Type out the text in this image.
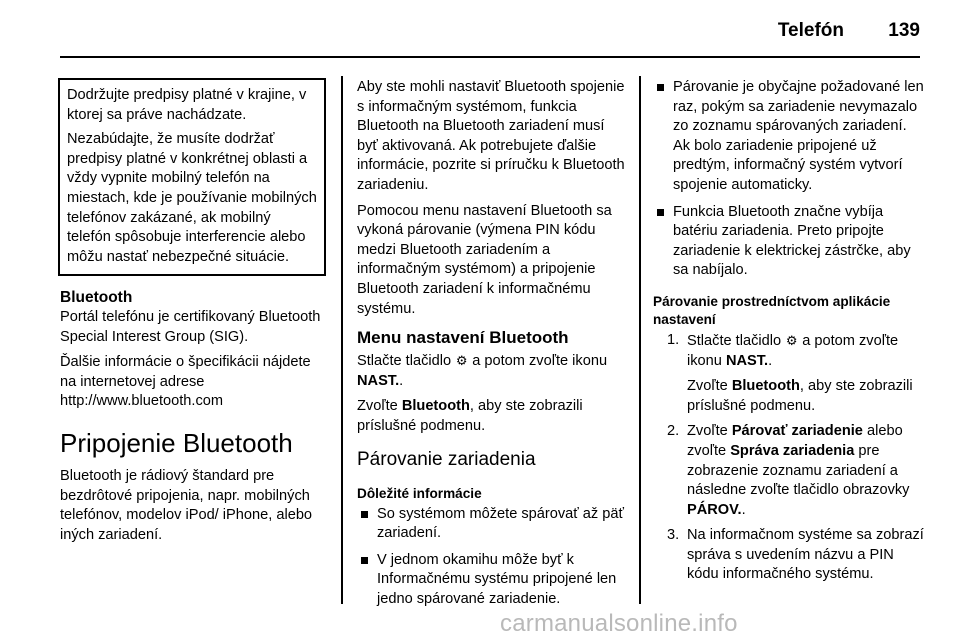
Telefón 139

Dodržujte predpisy platné v krajine, v ktorej sa práve nachádzate.

Nezabúdajte, že musíte dodržať predpisy platné v konkrétnej oblasti a vždy vypnite mobilný telefón na miestach, kde je používanie mobilných telefónov zakázané, ak mobilný telefón spôsobuje interferencie alebo môžu nastať nebezpečné situácie.

Bluetooth

Portál telefónu je certifikovaný Bluetooth Special Interest Group (SIG).

Ďalšie informácie o špecifikácii nájdete na internetovej adrese http://www.bluetooth.com

Pripojenie Bluetooth

Bluetooth je rádiový štandard pre bezdrôtové pripojenia, napr. mobilných telefónov, modelov iPod/ iPhone, alebo iných zariadení.

Aby ste mohli nastaviť Bluetooth spojenie s informačným systémom, funkcia Bluetooth na Bluetooth zariadení musí byť aktivovaná. Ak potrebujete ďalšie informácie, pozrite si príručku k Bluetooth zariadeniu.

Pomocou menu nastavení Bluetooth sa vykoná párovanie (výmena PIN kódu medzi Bluetooth zariadením a informačným systémom) a pripojenie Bluetooth zariadení k informačnému systému.

Menu nastavení Bluetooth

Stlačte tlačidlo ⚙ a potom zvoľte ikonu NAST..

Zvoľte Bluetooth, aby ste zobrazili príslušné podmenu.

Párovanie zariadenia
Dôležité informácie
So systémom môžete spárovať až päť zariadení.
V jednom okamihu môže byť k Informačnému systému pripojené len jedno spárované zariadenie.
Párovanie je obyčajne požadované len raz, pokým sa zariadenie nevymazalo zo zoznamu spárovaných zariadení. Ak bolo zariadenie pripojené už predtým, informačný systém vytvorí spojenie automaticky.
Funkcia Bluetooth značne vybíja batériu zariadenia. Preto pripojte zariadenie k elektrickej zástrčke, aby sa nabíjalo.
Párovanie prostredníctvom aplikácie nastavení
1. Stlačte tlačidlo ⚙ a potom zvoľte ikonu NAST..

Zvoľte Bluetooth, aby ste zobrazili príslušné podmenu.

2. Zvoľte Párovať zariadenie alebo zvoľte Správa zariadenia pre zobrazenie zoznamu zariadení a následne zvoľte tlačidlo obrazovky PÁROV..

3. Na informačnom systéme sa zobrazí správa s uvedením názvu a PIN kódu informačného systému.

carmanualsonline.info
